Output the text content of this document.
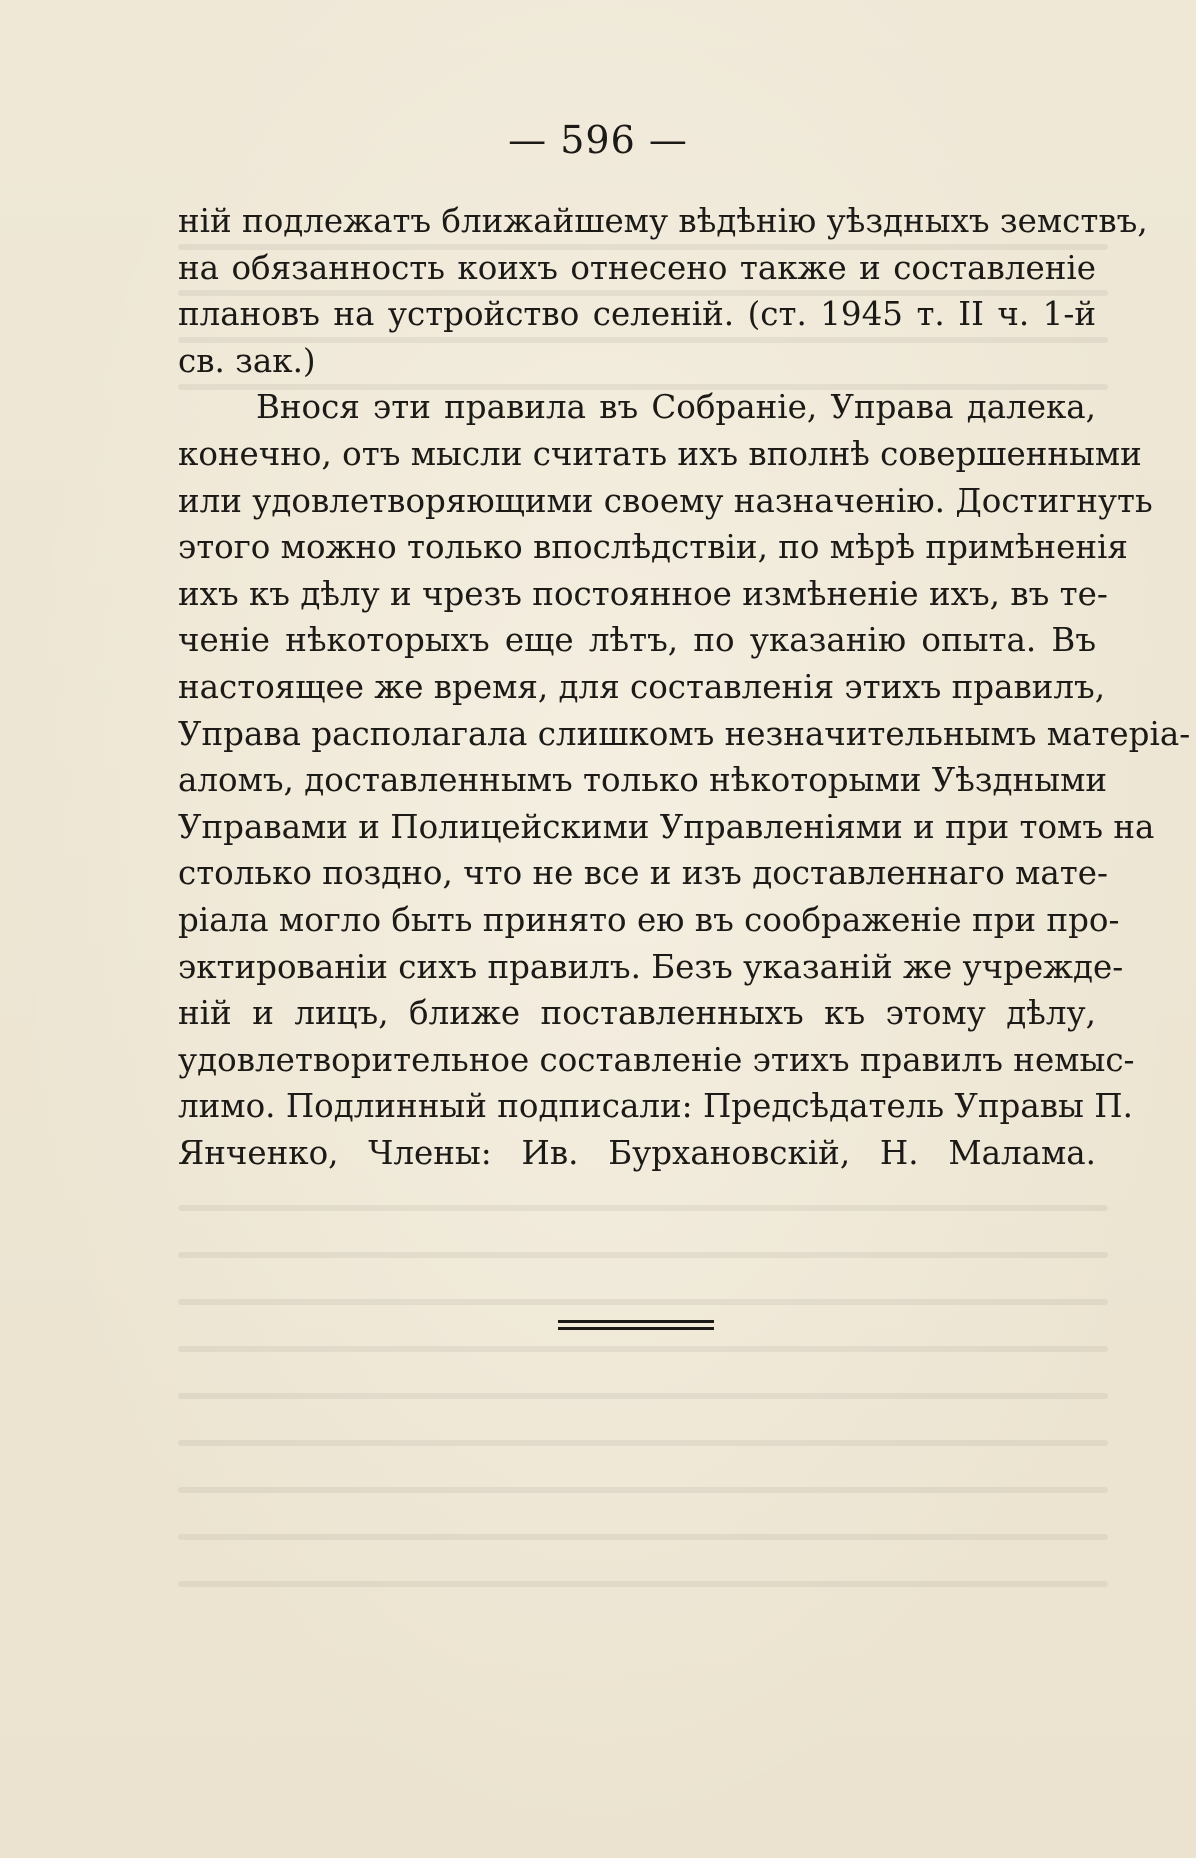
— 596 —
ній подлежатъ ближайшему вѣдѣнію уѣздныхъ земствъ,
на обязанность коихъ отнесено также и составленіе
плановъ на устройство селеній. (ст. 1945 т. II ч. 1-й
св. зак.)
Внося эти правила въ Собраніе, Управа далека,
конечно, отъ мысли считать ихъ вполнѣ совершенными
или удовлетворяющими своему назначенію. Достигнуть
этого можно только впослѣдствіи, по мѣрѣ примѣненія
ихъ къ дѣлу и чрезъ постоянное измѣненіе ихъ, въ те-
ченіе нѣкоторыхъ еще лѣтъ, по указанію опыта. Въ
настоящее же время, для составленія этихъ правилъ,
Управа располагала слишкомъ незначительнымъ матеріа-
аломъ, доставленнымъ только нѣкоторыми Уѣздными
Управами и Полицейскими Управленіями и при томъ на
столько поздно, что не все и изъ доставленнаго мате-
ріала могло быть принято ею въ соображеніе при про-
эктированіи сихъ правилъ. Безъ указаній же учрежде-
ній и лицъ, ближе поставленныхъ къ этому дѣлу,
удовлетворительное составленіе этихъ правилъ немыс-
лимо. Подлинный подписали: Предсѣдатель Управы П.
Янченко, Члены: Ив. Бурхановскій, Н. Малама.
